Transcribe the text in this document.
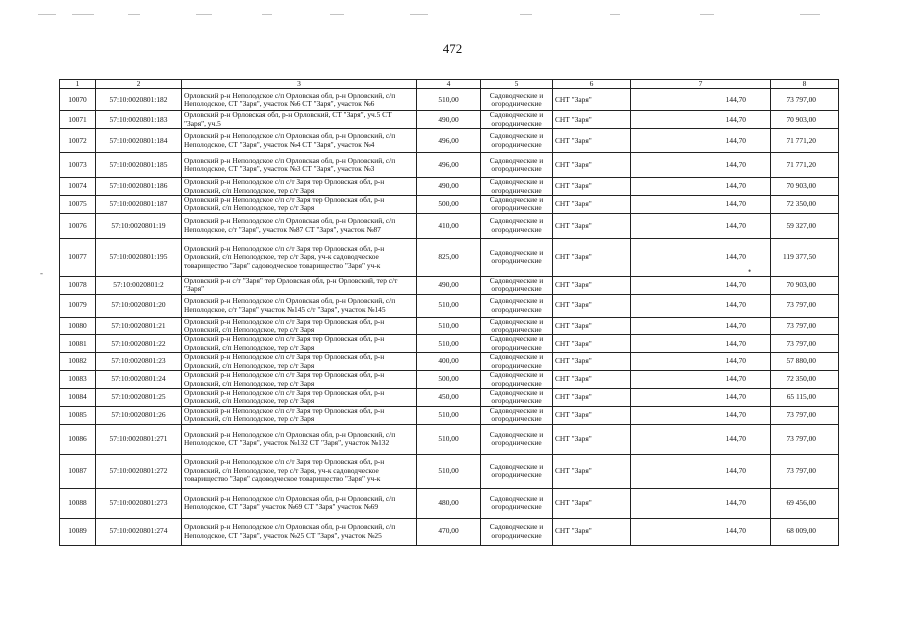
472
-	•
1	2	3	4	5	6	7	8
10070	57:10:0020801:182	Орловский р-н Неполодское с/п Орловская обл, р-н Орловский, с/п Неполодское, СТ "Заря", участок №6 СТ "Заря", участок №6	510,00	Садоводческие и огороднические	СНТ "Заря"	144,70	73 797,00
10071	57:10:0020801:183	Орловский р-н Орловская обл, р-н Орловский, СТ "Заря", уч.5 СТ "Заря", уч.5	490,00	Садоводческие и огороднические	СНТ "Заря"	144,70	70 903,00
10072	57:10:0020801:184	Орловский р-н Неполодское с/п Орловская обл, р-н Орловский, с/п Неполодское, СТ "Заря", участок №4 СТ "Заря", участок №4	496,00	Садоводческие и огороднические	СНТ "Заря"	144,70	71 771,20
10073	57:10:0020801:185	Орловский р-н Неполодское с/п Орловская обл, р-н Орловский, с/п Неполодское, СТ "Заря", участок №3 СТ "Заря", участок №3	496,00	Садоводческие и огороднические	СНТ "Заря"	144,70	71 771,20
10074	57:10:0020801:186	Орловский р-н Неполодское с/п с/т Заря тер Орловская обл, р-н Орловский, с/п Неполодское, тер с/т Заря	490,00	Садоводческие и огороднические	СНТ "Заря"	144,70	70 903,00
10075	57:10:0020801:187	Орловский р-н Неполодское с/п с/т Заря тер Орловская обл, р-н Орловский, с/п Неполодское, тер с/т Заря	500,00	Садоводческие и огороднические	СНТ "Заря"	144,70	72 350,00
10076	57:10:0020801:19	Орловский р-н Неполодское с/п Орловская обл, р-н Орловский, с/п Неполодское, с/т "Заря", участок №87 СТ "Заря", участок №87	410,00	Садоводческие и огороднические	СНТ "Заря"	144,70	59 327,00
10077	57:10:0020801:195	Орловский р-н Неполодское с/п с/т Заря тер Орловская обл, р-н Орловский, с/п Неполодское, тер с/т Заря, уч-к садоводческое товарищество "Заря" садоводческое товарищество "Заря" уч-к	825,00	Садоводческие и огороднические	СНТ "Заря"	144,70	119 377,50
10078	57:10:0020801:2	Орловский р-н с/т "Заря" тер Орловская обл, р-н Орловский, тер с/т "Заря"	490,00	Садоводческие и огороднические	СНТ "Заря"	144,70	70 903,00
10079	57:10:0020801:20	Орловский р-н Неполодское с/п Орловская обл, р-н Орловский, с/п Неполодское, с/т "Заря" участок №145 с/т "Заря", участок №145	510,00	Садоводческие и огороднические	СНТ "Заря"	144,70	73 797,00
10080	57:10:0020801:21	Орловский р-н Неполодское с/п с/т Заря тер Орловская обл, р-н Орловский, с/п Неполодское, тер с/т Заря	510,00	Садоводческие и огороднические	СНТ "Заря"	144,70	73 797,00
10081	57:10:0020801:22	Орловский р-н Неполодское с/п с/т Заря тер Орловская обл, р-н Орловский, с/п Неполодское, тер с/т Заря	510,00	Садоводческие и огороднические	СНТ "Заря"	144,70	73 797,00
10082	57:10:0020801:23	Орловский р-н Неполодское с/п с/т Заря тер Орловская обл, р-н Орловский, с/п Неполодское, тер с/т Заря	400,00	Садоводческие и огороднические	СНТ "Заря"	144,70	57 880,00
10083	57:10:0020801:24	Орловский р-н Неполодское с/п с/т Заря тер Орловская обл, р-н Орловский, с/п Неполодское, тер с/т Заря	500,00	Садоводческие и огороднические	СНТ "Заря"	144,70	72 350,00
10084	57:10:0020801:25	Орловский р-н Неполодское с/п с/т Заря тер Орловская обл, р-н Орловский, с/п Неполодское, тер с/т Заря	450,00	Садоводческие и огороднические	СНТ "Заря"	144,70	65 115,00
10085	57:10:0020801:26	Орловский р-н Неполодское с/п с/т Заря тер Орловская обл, р-н Орловский, с/п Неполодское, тер с/т Заря	510,00	Садоводческие и огороднические	СНТ "Заря"	144,70	73 797,00
10086	57:10:0020801:271	Орловский р-н Неполодское с/п Орловская обл, р-н Орловский, с/п Неполодское, СТ "Заря", участок №132 СТ "Заря", участок №132	510,00	Садоводческие и огороднические	СНТ "Заря"	144,70	73 797,00
10087	57:10:0020801:272	Орловский р-н Неполодское с/п с/т Заря тер Орловская обл, р-н Орловский, с/п Неполодское, тер с/т Заря, уч-к садоводческое товарищество "Заря" садоводческое товарищество "Заря" уч-к	510,00	Садоводческие и огороднические	СНТ "Заря"	144,70	73 797,00
10088	57:10:0020801:273	Орловский р-н Неполодское с/п Орловская обл, р-н Орловский, с/п Неполодское, СТ "Заря" участок №69 СТ "Заря" участок №69	480,00	Садоводческие и огороднические	СНТ "Заря"	144,70	69 456,00
10089	57:10:0020801:274	Орловский р-н Неполодское с/п Орловская обл, р-н Орловский, с/п Неполодское, СТ "Заря", участок №25 СТ "Заря", участок №25	470,00	Садоводческие и огороднические	СНТ "Заря"	144,70	68 009,00
